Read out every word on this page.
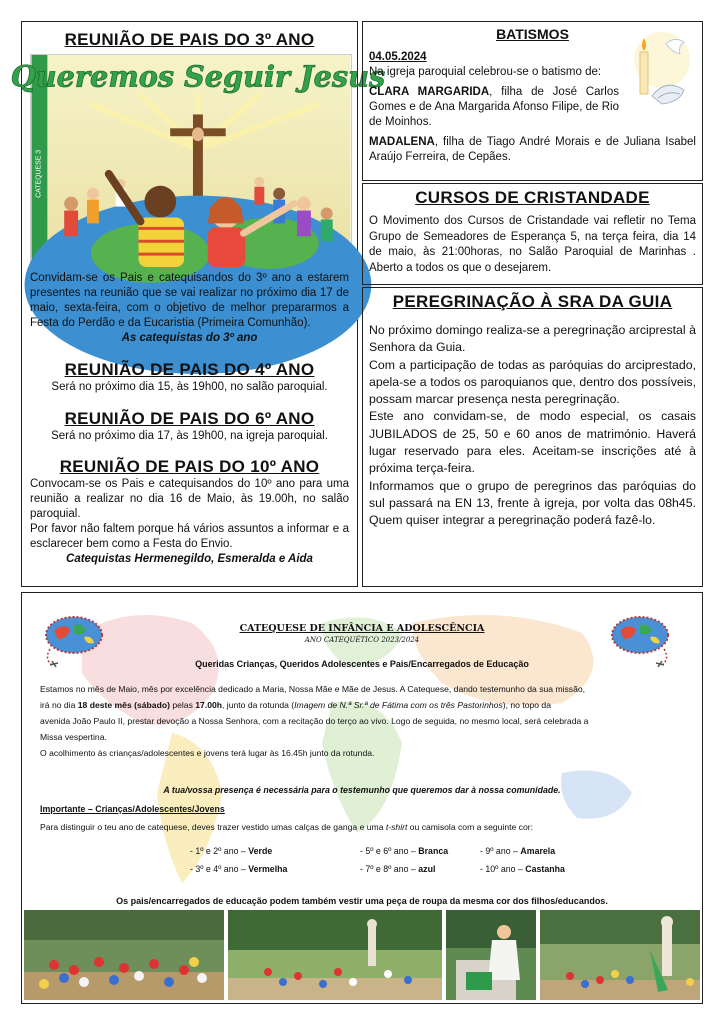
REUNIÃO DE PAIS DO 3º ANO
CATEQUESE 3
Queremos Seguir Jesus

Convidam-se os Pais e catequisandos do 3º ano a estarem presentes na reunião que se vai realizar no próximo dia 17 de maio, sexta-feira, com o objetivo de melhor prepararmos a Festa do Perdão e da Eucaristia (Primeira Comunhão).

As catequistas do 3º ano

REUNIÃO DE PAIS DO 4º ANO

Será no próximo dia 15, às 19h00, no salão paroquial.

REUNIÃO DE PAIS DO 6º ANO

Será no próximo dia 17, às 19h00, na igreja paroquial.

REUNIÃO DE PAIS DO 10º ANO

Convocam-se os Pais e catequisandos do 10º ano para uma reunião a realizar no dia 16 de Maio, às 19.00h, no salão paroquial.

Por favor não faltem porque há vários assuntos a informar e a esclarecer bem como a Festa do Envio.

Catequistas Hermenegildo, Esmeralda e Aida

BATISMOS

04.05.2024

Na igreja paroquial celebrou-se o batismo de:

CLARA MARGARIDA, filha de José Carlos Gomes e de Ana Margarida Afonso Filipe, de Rio de Moinhos.

MADALENA, filha de Tiago André Morais e de Juliana Isabel Araújo Ferreira, de Cepães.

CURSOS DE CRISTANDADE

O Movimento dos Cursos de Cristandade vai refletir no Tema Grupo de Semeadores de Esperança 5, na terça feira, dia 14 de maio, às 21:00horas, no Salão Paroquial de Marinhas . Aberto a todos os que o desejarem.

PEREGRINAÇÃO À SRA DA GUIA

No próximo domingo realiza-se a peregrinação arciprestal à Senhora da Guia.

Com a participação de todas as paróquias do arciprestado, apela-se a todos os paroquianos que, dentro dos possíveis, possam marcar presença nesta peregrinação.

Este ano convidam-se, de modo especial, os casais JUBILADOS de 25, 50 e 60 anos de matrimónio. Haverá lugar reservado para eles. Aceitam-se inscrições até à próxima terça-feira.

Informamos que o grupo de peregrinos das paróquias do sul passará na EN 13, frente à igreja, por volta das 08h45. Quem quiser integrar a peregrinação poderá fazê-lo.

CATEQUESE DE INFÂNCIA E ADOLESCÊNCIA
ANO CATEQUÉTICO 2023/2024
Queridas Crianças, Queridos Adolescentes e Pais/Encarregados de Educação

Estamos no mês de Maio, mês por excelência dedicado a Maria, Nossa Mãe e Mãe de Jesus. A Catequese, dando testemunho da sua missão,

irá no dia 18 deste mês (sábado) pelas 17.00h, junto da rotunda (Imagem de N.ª Sr.ª de Fátima com os três Pastorinhos), no topo da

avenida João Paulo II, prestar devoção a Nossa Senhora, com a recitação do terço ao vivo. Logo de seguida, no mesmo local, será celebrada a

Missa vespertina.

O acolhimento às crianças/adolescentes e jovens terá lugar às 16.45h junto da rotunda.

A tua/vossa presença é necessária para o testemunho que queremos dar à nossa comunidade.
Importante – Crianças/Adolescentes/Jovens
Para distinguir o teu ano de catequese, deves trazer vestido umas calças de ganga e uma t-shirt ou camisola com a seguinte cor:
- 1º e 2º ano – Verde	- 5º e 6º ano – Branca	- 9º ano – Amarela
- 3º e 4º ano – Vermelha	- 7º e 8º ano – azul	- 10º ano – Castanha
Os pais/encarregados de educação podem também vestir uma peça de roupa da mesma cor dos filhos/educandos.
